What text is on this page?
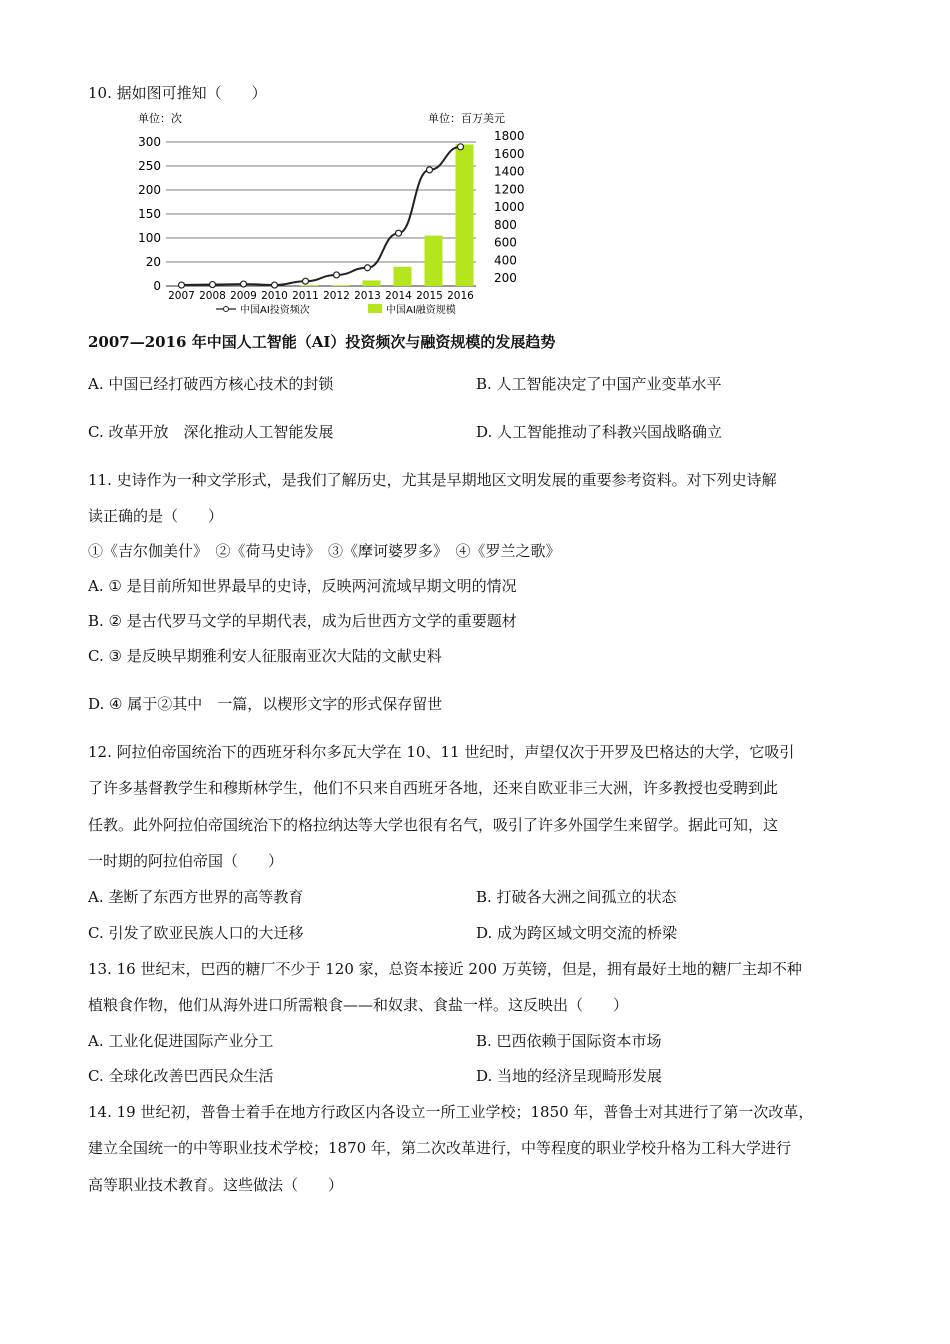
10. 据如图可推知（　　）
2007 2008 2009 2010 2011 2012 2013 2014 2015 2016
0
20
100
150
200
250
300
200
400
600
800
1000
1200
1400
1600
1800
单位：次	单位：百万美元
中国AI投资频次	中国AI融资规模
2007—2016 年中国人工智能（AI）投资频次与融资规模的发展趋势
A. 中国已经打破西方核心技术的封锁	B. 人工智能决定了中国产业变革水平
C. 改革开放　深化推动人工智能发展	D. 人工智能推动了科教兴国战略确立
11. 史诗作为一种文学形式，是我们了解历史，尤其是早期地区文明发展的重要参考资料。对下列史诗解
读正确的是（　　）
①《吉尔伽美什》　②《荷马史诗》　③《摩诃婆罗多》　④《罗兰之歌》
A. ① 是目前所知世界最早的史诗，反映两河流域早期文明的情况
B. ② 是古代罗马文学的早期代表，成为后世西方文学的重要题材
C. ③ 是反映早期雅利安人征服南亚次大陆的文献史料
D. ④ 属于②其中　一篇，以楔形文字的形式保存留世
12. 阿拉伯帝国统治下的西班牙科尔多瓦大学在 10、11 世纪时，声望仅次于开罗及巴格达的大学，它吸引
了许多基督教学生和穆斯林学生，他们不只来自西班牙各地，还来自欧亚非三大洲，许多教授也受聘到此
任教。此外阿拉伯帝国统治下的格拉纳达等大学也很有名气，吸引了许多外国学生来留学。据此可知，这
一时期的阿拉伯帝国（　　）
A. 垄断了东西方世界的高等教育	B. 打破各大洲之间孤立的状态
C. 引发了欧亚民族人口的大迁移	D. 成为跨区域文明交流的桥梁
13. 16 世纪末，巴西的糖厂不少于 120 家，总资本接近 200 万英镑，但是，拥有最好土地的糖厂主却不种
植粮食作物，他们从海外进口所需粮食——和奴隶、食盐一样。这反映出（　　）
A. 工业化促进国际产业分工	B. 巴西依赖于国际资本市场
C. 全球化改善巴西民众生活	D. 当地的经济呈现畸形发展
14. 19 世纪初，普鲁士着手在地方行政区内各设立一所工业学校；1850 年，普鲁士对其进行了第一次改革，
建立全国统一的中等职业技术学校；1870 年，第二次改革进行，中等程度的职业学校升格为工科大学进行
高等职业技术教育。这些做法（　　）
